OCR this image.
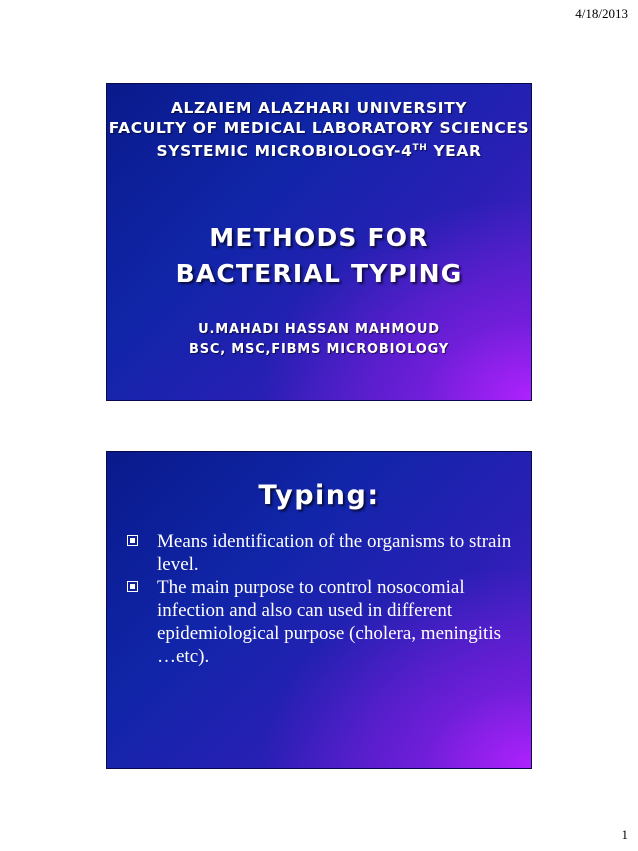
4/18/2013
ALZAIEM ALAZHARI UNIVERSITY
FACULTY OF MEDICAL LABORATORY SCIENCES
SYSTEMIC MICROBIOLOGY-4TH YEAR
METHODS FOR
BACTERIAL TYPING
U.MAHADI HASSAN MAHMOUD
BSC, MSC,FIBMS MICROBIOLOGY
Typing:
Means identification of the organisms to strain level.
The main purpose to control nosocomial infection and also can used in different epidemiological purpose (cholera, meningitis …etc).
1
